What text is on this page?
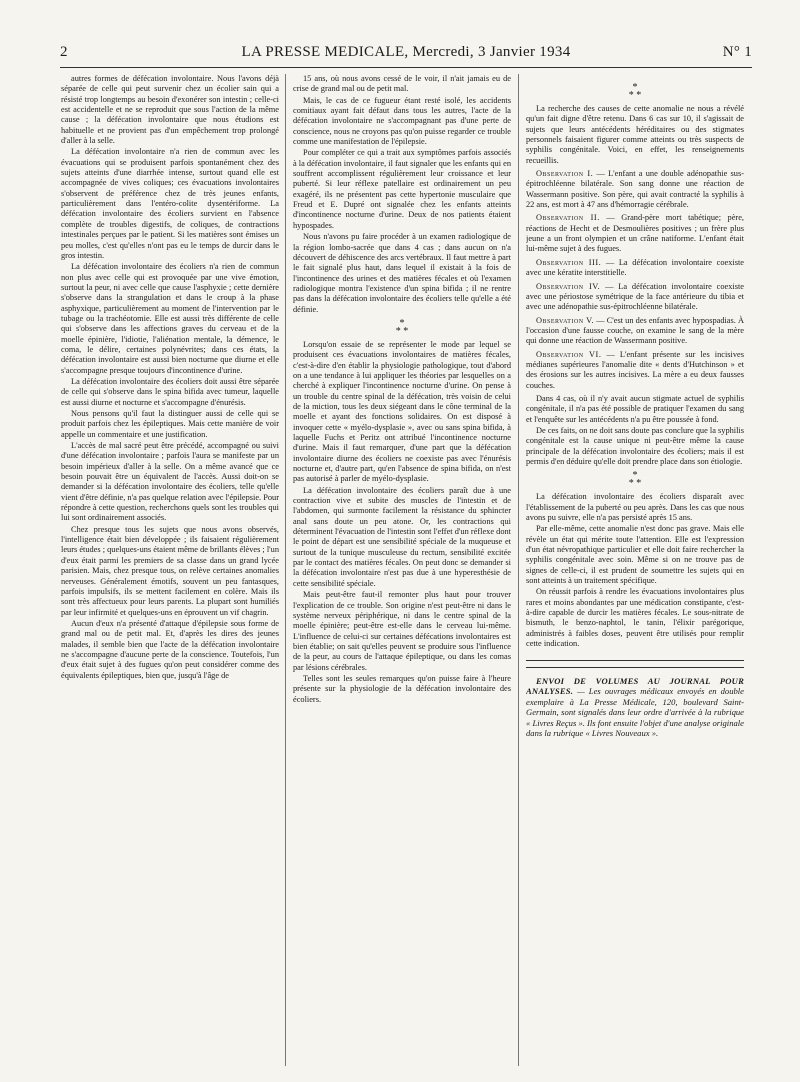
2	LA PRESSE MEDICALE, Mercredi, 3 Janvier 1934	N° 1

autres formes de défécation involontaire. Nous l'avons déjà séparée de celle qui peut survenir chez un écolier sain qui a résisté trop longtemps au besoin d'exonérer son intestin ; celle-ci est accidentelle et ne se reproduit que sous l'action de la même cause ; la défécation involontaire que nous étudions est habituelle et ne provient pas d'un empêchement trop prolongé d'aller à la selle.

La défécation involontaire n'a rien de commun avec les évacuations qui se produisent parfois spontanément chez des sujets atteints d'une diarrhée intense, surtout quand elle est accompagnée de vives coliques; ces évacuations involontaires s'observent de préférence chez de très jeunes enfants, particulièrement dans l'entéro-colite dysentériforme. La défécation involontaire des écoliers survient en l'absence complète de troubles digestifs, de coliques, de contractions intestinales perçues par le patient. Si les matières sont émises un peu molles, c'est qu'elles n'ont pas eu le temps de durcir dans le gros intestin.

La défécation involontaire des écoliers n'a rien de commun non plus avec celle qui est provoquée par une vive émotion, surtout la peur, ni avec celle que cause l'asphyxie ; cette dernière s'observe dans la strangulation et dans le croup à la phase asphyxique, particulièrement au moment de l'intervention par le tubage ou la trachéotomie. Elle est aussi très différente de celle qui s'observe dans les affections graves du cerveau et de la moelle épinière, l'idiotie, l'aliénation mentale, la démence, le coma, le délire, certaines polynévrites; dans ces états, la défécation involontaire est aussi bien nocturne que diurne et elle s'accompagne presque toujours d'incontinence d'urine.

La défécation involontaire des écoliers doit aussi être séparée de celle qui s'observe dans le spina bifida avec tumeur, laquelle est aussi diurne et nocturne et s'accompagne d'énurésis.

Nous pensons qu'il faut la distinguer aussi de celle qui se produit parfois chez les épileptiques. Mais cette manière de voir appelle un commentaire et une justification.

L'accès de mal sacré peut être précédé, accompagné ou suivi d'une défécation involontaire ; parfois l'aura se manifeste par un besoin impérieux d'aller à la selle. On a même avancé que ce besoin pouvait être un équivalent de l'accès. Aussi doit-on se demander si la défécation involontaire des écoliers, telle qu'elle vient d'être définie, n'a pas quelque relation avec l'épilepsie. Pour répondre à cette question, recherchons quels sont les troubles qui lui sont ordinairement associés.

Chez presque tous les sujets que nous avons observés, l'intelligence était bien développée ; ils faisaient régulièrement leurs études ; quelques-uns étaient même de brillants élèves ; l'un d'eux était parmi les premiers de sa classe dans un grand lycée parisien. Mais, chez presque tous, on relève certaines anomalies nerveuses. Généralement émotifs, souvent un peu fantasques, parfois impulsifs, ils se mettent facilement en colère. Mais ils sont très affectueux pour leurs parents. La plupart sont humiliés par leur infirmité et quelques-uns en éprouvent un vif chagrin.

Aucun d'eux n'a présenté d'attaque d'épilepsie sous forme de grand mal ou de petit mal. Et, d'après les dires des jeunes malades, il semble bien que l'acte de la défécation involontaire ne s'accompagne d'aucune perte de la conscience. Toutefois, l'un d'eux était sujet à des fugues qu'on peut considérer comme des équivalents épileptiques, bien que, jusqu'à l'âge de

15 ans, où nous avons cessé de le voir, il n'ait jamais eu de crise de grand mal ou de petit mal.

Mais, le cas de ce fugueur étant resté isolé, les accidents comitiaux ayant fait défaut dans tous les autres, l'acte de la défécation involontaire ne s'accompagnant pas d'une perte de conscience, nous ne croyons pas qu'on puisse regarder ce trouble comme une manifestation de l'épilepsie.

Pour compléter ce qui a trait aux symptômes parfois associés à la défécation involontaire, il faut signaler que les enfants qui en souffrent accomplissent régulièrement leur croissance et leur puberté. Si leur réflexe patellaire est ordinairement un peu exagéré, ils ne présentent pas cette hypertonie musculaire que Freud et E. Dupré ont signalée chez les enfants atteints d'incontinence nocturne d'urine. Deux de nos patients étaient hypospades.

Nous n'avons pu faire procéder à un examen radiologique de la région lombo-sacrée que dans 4 cas ; dans aucun on n'a découvert de déhiscence des arcs vertébraux. Il faut mettre à part le fait signalé plus haut, dans lequel il existait à la fois de l'incontinence des urines et des matières fécales et où l'examen radiologique montra l'existence d'un spina bifida ; il ne rentre pas dans la défécation involontaire des écoliers telle qu'elle a été définie.

*
* *

Lorsqu'on essaie de se représenter le mode par lequel se produisent ces évacuations involontaires de matières fécales, c'est-à-dire d'en établir la physiologie pathologique, tout d'abord on a une tendance à lui appliquer les théories par lesquelles on a cherché à expliquer l'incontinence nocturne d'urine. On pense à un trouble du centre spinal de la défécation, très voisin de celui de la miction, tous les deux siégeant dans le cône terminal de la moelle et ayant des fonctions solidaires. On est disposé à invoquer cette « myélo-dysplasie », avec ou sans spina bifida, à laquelle Fuchs et Peritz ont attribué l'incontinence nocturne d'urine. Mais il faut remarquer, d'une part que la défécation involontaire diurne des écoliers ne coexiste pas avec l'énurésis nocturne et, d'autre part, qu'en l'absence de spina bifida, on n'est pas autorisé à parler de myélo-dysplasie.

La défécation involontaire des écoliers paraît due à une contraction vive et subite des muscles de l'intestin et de l'abdomen, qui surmonte facilement la résistance du sphincter anal sans doute un peu atone. Or, les contractions qui déterminent l'évacuation de l'intestin sont l'effet d'un réflexe dont le point de départ est une sensibilité spéciale de la muqueuse et surtout de la tunique musculeuse du rectum, sensibilité excitée par le contact des matières fécales. On peut donc se demander si la défécation involontaire n'est pas due à une hyperesthésie de cette sensibilité spéciale.

Mais peut-être faut-il remonter plus haut pour trouver l'explication de ce trouble. Son origine n'est peut-être ni dans le système nerveux périphérique, ni dans le centre spinal de la moelle épinière; peut-être est-elle dans le cerveau lui-même. L'influence de celui-ci sur certaines défécations involontaires est bien établie; on sait qu'elles peuvent se produire sous l'influence de la peur, au cours de l'attaque épileptique, ou dans les comas par lésions cérébrales.

Telles sont les seules remarques qu'on puisse faire à l'heure présente sur la physiologie de la défécation involontaire des écoliers.

*
* *

La recherche des causes de cette anomalie ne nous a révélé qu'un fait digne d'être retenu. Dans 6 cas sur 10, il s'agissait de sujets que leurs antécédents héréditaires ou des stigmates personnels faisaient figurer comme atteints ou très suspects de syphilis congénitale. Voici, en effet, les renseignements recueillis.

Observation I. — L'enfant a une double adénopathie sus-épitrochléenne bilatérale. Son sang donne une réaction de Wassermann positive. Son père, qui avait contracté la syphilis à 22 ans, est mort à 47 ans d'hémorragie cérébrale.

Observation II. — Grand-père mort tabétique; père, réactions de Hecht et de Desmoulières positives ; un frère plus jeune a un front olympien et un crâne natiforme. L'enfant était lui-même sujet à des fugues.

Observation III. — La défécation involontaire coexiste avec une kératite interstitielle.

Observation IV. — La défécation involontaire coexiste avec une périostose symétrique de la face antérieure du tibia et avec une adénopathie sus-épitrochléenne bilatérale.

Observation V. — C'est un des enfants avec hypospadias. À l'occasion d'une fausse couche, on examine le sang de la mère qui donne une réaction de Wassermann positive.

Observation VI. — L'enfant présente sur les incisives médianes supérieures l'anomalie dite « dents d'Hutchinson » et des érosions sur les autres incisives. La mère a eu deux fausses couches.

Dans 4 cas, où il n'y avait aucun stigmate actuel de syphilis congénitale, il n'a pas été possible de pratiquer l'examen du sang et l'enquête sur les antécédents n'a pu être poussée à fond.

De ces faits, on ne doit sans doute pas conclure que la syphilis congénitale est la cause unique ni peut-être même la cause principale de la défécation involontaire des écoliers; mais il est permis d'en déduire qu'elle doit prendre place dans son étiologie.

*
* *

La défécation involontaire des écoliers disparaît avec l'établissement de la puberté ou peu après. Dans les cas que nous avons pu suivre, elle n'a pas persisté après 15 ans.

Par elle-même, cette anomalie n'est donc pas grave. Mais elle révèle un état qui mérite toute l'attention. Elle est l'expression d'un état névropathique particulier et elle doit faire rechercher la syphilis congénitale avec soin. Même si on ne trouve pas de signes de celle-ci, il est prudent de soumettre les sujets qui en sont atteints à un traitement spécifique.

On réussit parfois à rendre les évacuations involontaires plus rares et moins abondantes par une médication constipante, c'est-à-dire capable de durcir les matières fécales. Le sous-nitrate de bismuth, le benzo-naphtol, le tanin, l'élixir parégorique, administrés à faibles doses, peuvent être utilisés pour remplir cette indication.

ENVOI DE VOLUMES AU JOURNAL POUR ANALYSES. — Les ouvrages médicaux envoyés en double exemplaire à La Presse Médicale, 120, boulevard Saint-Germain, sont signalés dans leur ordre d'arrivée à la rubrique « Livres Reçus ». Ils font ensuite l'objet d'une analyse originale dans la rubrique « Livres Nouveaux ».
